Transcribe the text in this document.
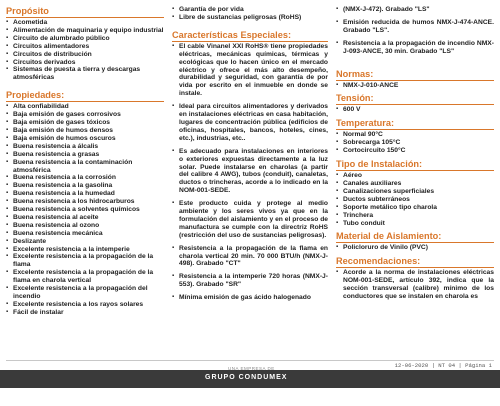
Propósito
▪ Acometida
▪ Alimentación de maquinaria y equipo industrial
▪ Circuito de alumbrado público
▪ Circuitos alimentadores
▪ Circuitos de distribución
▪ Circuitos derivados
▪ Sistemas de puesta a tierra y descargas atmosféricas
Propiedades:
▪ Alta confiabilidad
▪ Baja emisión de gases corrosivos
▪ Baja emisión de gases tóxicos
▪ Baja emisión de humos densos
▪ Baja emisión de humos oscuros
▪ Buena resistencia a álcalis
▪ Buena resistencia a grasas
▪ Buena resistencia a la contaminación atmosférica
▪ Buena resistencia a la corrosión
▪ Buena resistencia a la gasolina
▪ Buena resistencia a la humedad
▪ Buena resistencia a los hidrocarburos
▪ Buena resistencia a solventes químicos
▪ Buena resistencia al aceite
▪ Buena resistencia al ozono
▪ Buena resistencia mecánica
▪ Deslizante
▪ Excelente resistencia a la intemperie
▪ Excelente resistencia a la propagación de la flama
▪ Excelente resistencia a la propagación de la flama en charola vertical
▪ Excelente resistencia a la propagación del incendio
▪ Excelente resistencia a los rayos solares
▪ Fácil de instalar
▪ Garantía de por vida
▪ Libre de sustancias peligrosas (RoHS)
Características Especiales:
▪ El cable Vinanel XXI RoHS® tiene propiedades eléctricas, mecánicas químicas, térmicas y ecológicas que lo hacen único en el mercado eléctrico y ofrece el más alto desempeño, durabilidad y seguridad, con garantía de por vida por escrito en el inmueble en donde se instale.
▪ Ideal para circuitos alimentadores y derivados en instalaciones eléctricas en casa habitación, lugares de concentración pública (edificios de oficinas, hospitales, bancos, hoteles, cines, etc.), industrias, etc..
▪ Es adecuado para instalaciones en interiores o exteriores expuestas directamente a la luz solar. Puede instalarse en charolas (a partir del calibre 4 AWG), tubos (conduit), canaletas, ductos o trincheras, acorde a lo indicado en la NOM-001-SEDE.
▪ Este producto cuida y protege al medio ambiente y los seres vivos ya que en la formulación del aislamiento y en el proceso de manufactura se cumple con la directriz RoHS (restricción del uso de sustancias peligrosas).
▪ Resistencia a la propagación de la flama en charola vertical 20 min. 70 000 BTU/h (NMX-J-498). Grabado "CT"
▪ Resistencia a la intemperie 720 horas (NMX-J-553). Grabado "SR"
▪ Mínima emisión de gas ácido halogenado
▪ (NMX-J-472). Grabado "LS"
▪ Emisión reducida de humos NMX-J-474-ANCE. Grabado "LS".
▪ Resistencia a la propagación de incendio NMX-J-093-ANCE, 30 min. Grabado "LS"
Normas:
▪ NMX-J-010-ANCE
Tensión:
▪ 600 V
Temperatura:
▪ Normal 90°C
▪ Sobrecarga 105°C
▪ Cortocircuito 150°C
Tipo de Instalación:
▪ Aéreo
▪ Canales auxiliares
▪ Canalizaciones superficiales
▪ Ductos subterráneos
▪ Soporte metálico tipo charola
▪ Trinchera
▪ Tubo conduit
Material de Aislamiento:
▪ Policloruro de Vinilo (PVC)
Recomendaciones:
▪ Acorde a la norma de instalaciones eléctricas NOM-001-SEDE, artículo 392, indica que la sección transversal (calibre) mínimo de los conductores que se instalen en charola es
12-06-2020 | NT 04 | Página 1
UNA EMPRESA DE
GRUPO CONDUMEX
